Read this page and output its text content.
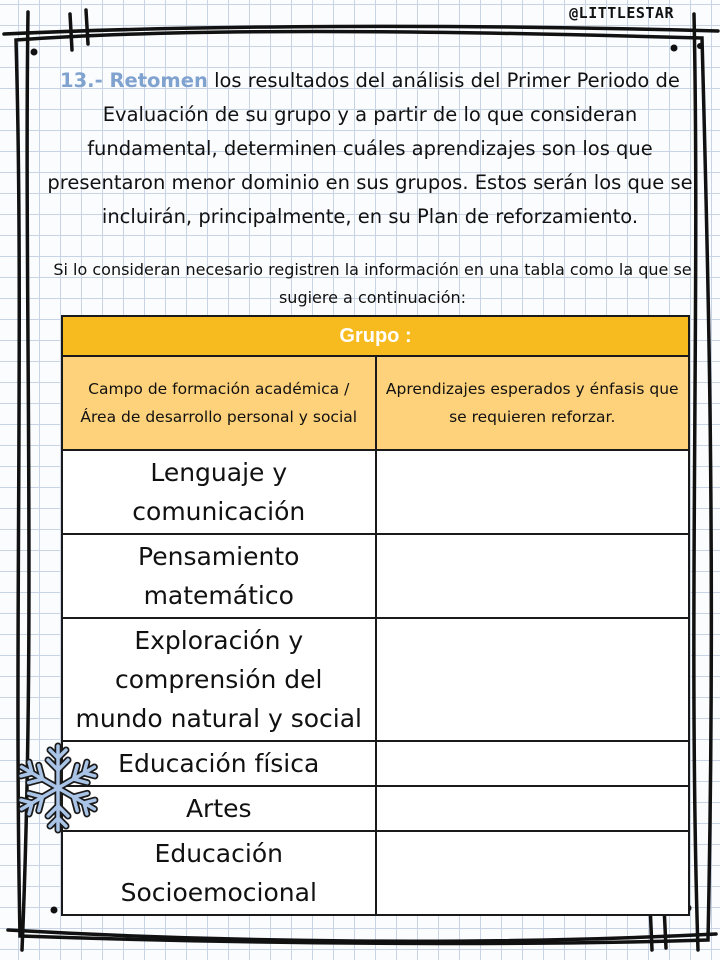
@LITTLESTAR
13.- Retomen los resultados del análisis del Primer Periodo de Evaluación de su grupo y a partir de lo que consideran fundamental, determinen cuáles aprendizajes son los que presentaron menor dominio en sus grupos. Estos serán los que se incluirán, principalmente, en su Plan de reforzamiento.
Si lo consideran necesario registren la información en una tabla como la que se sugiere a continuación:
Grupo :	
Campo de formación académica / Área de desarrollo personal y social	Aprendizajes esperados y énfasis que se requieren reforzar.
Lenguaje y comunicación	
Pensamiento matemático	
Exploración y comprensión del mundo natural y social	
Educación física	
Artes	
Educación Socioemocional	
